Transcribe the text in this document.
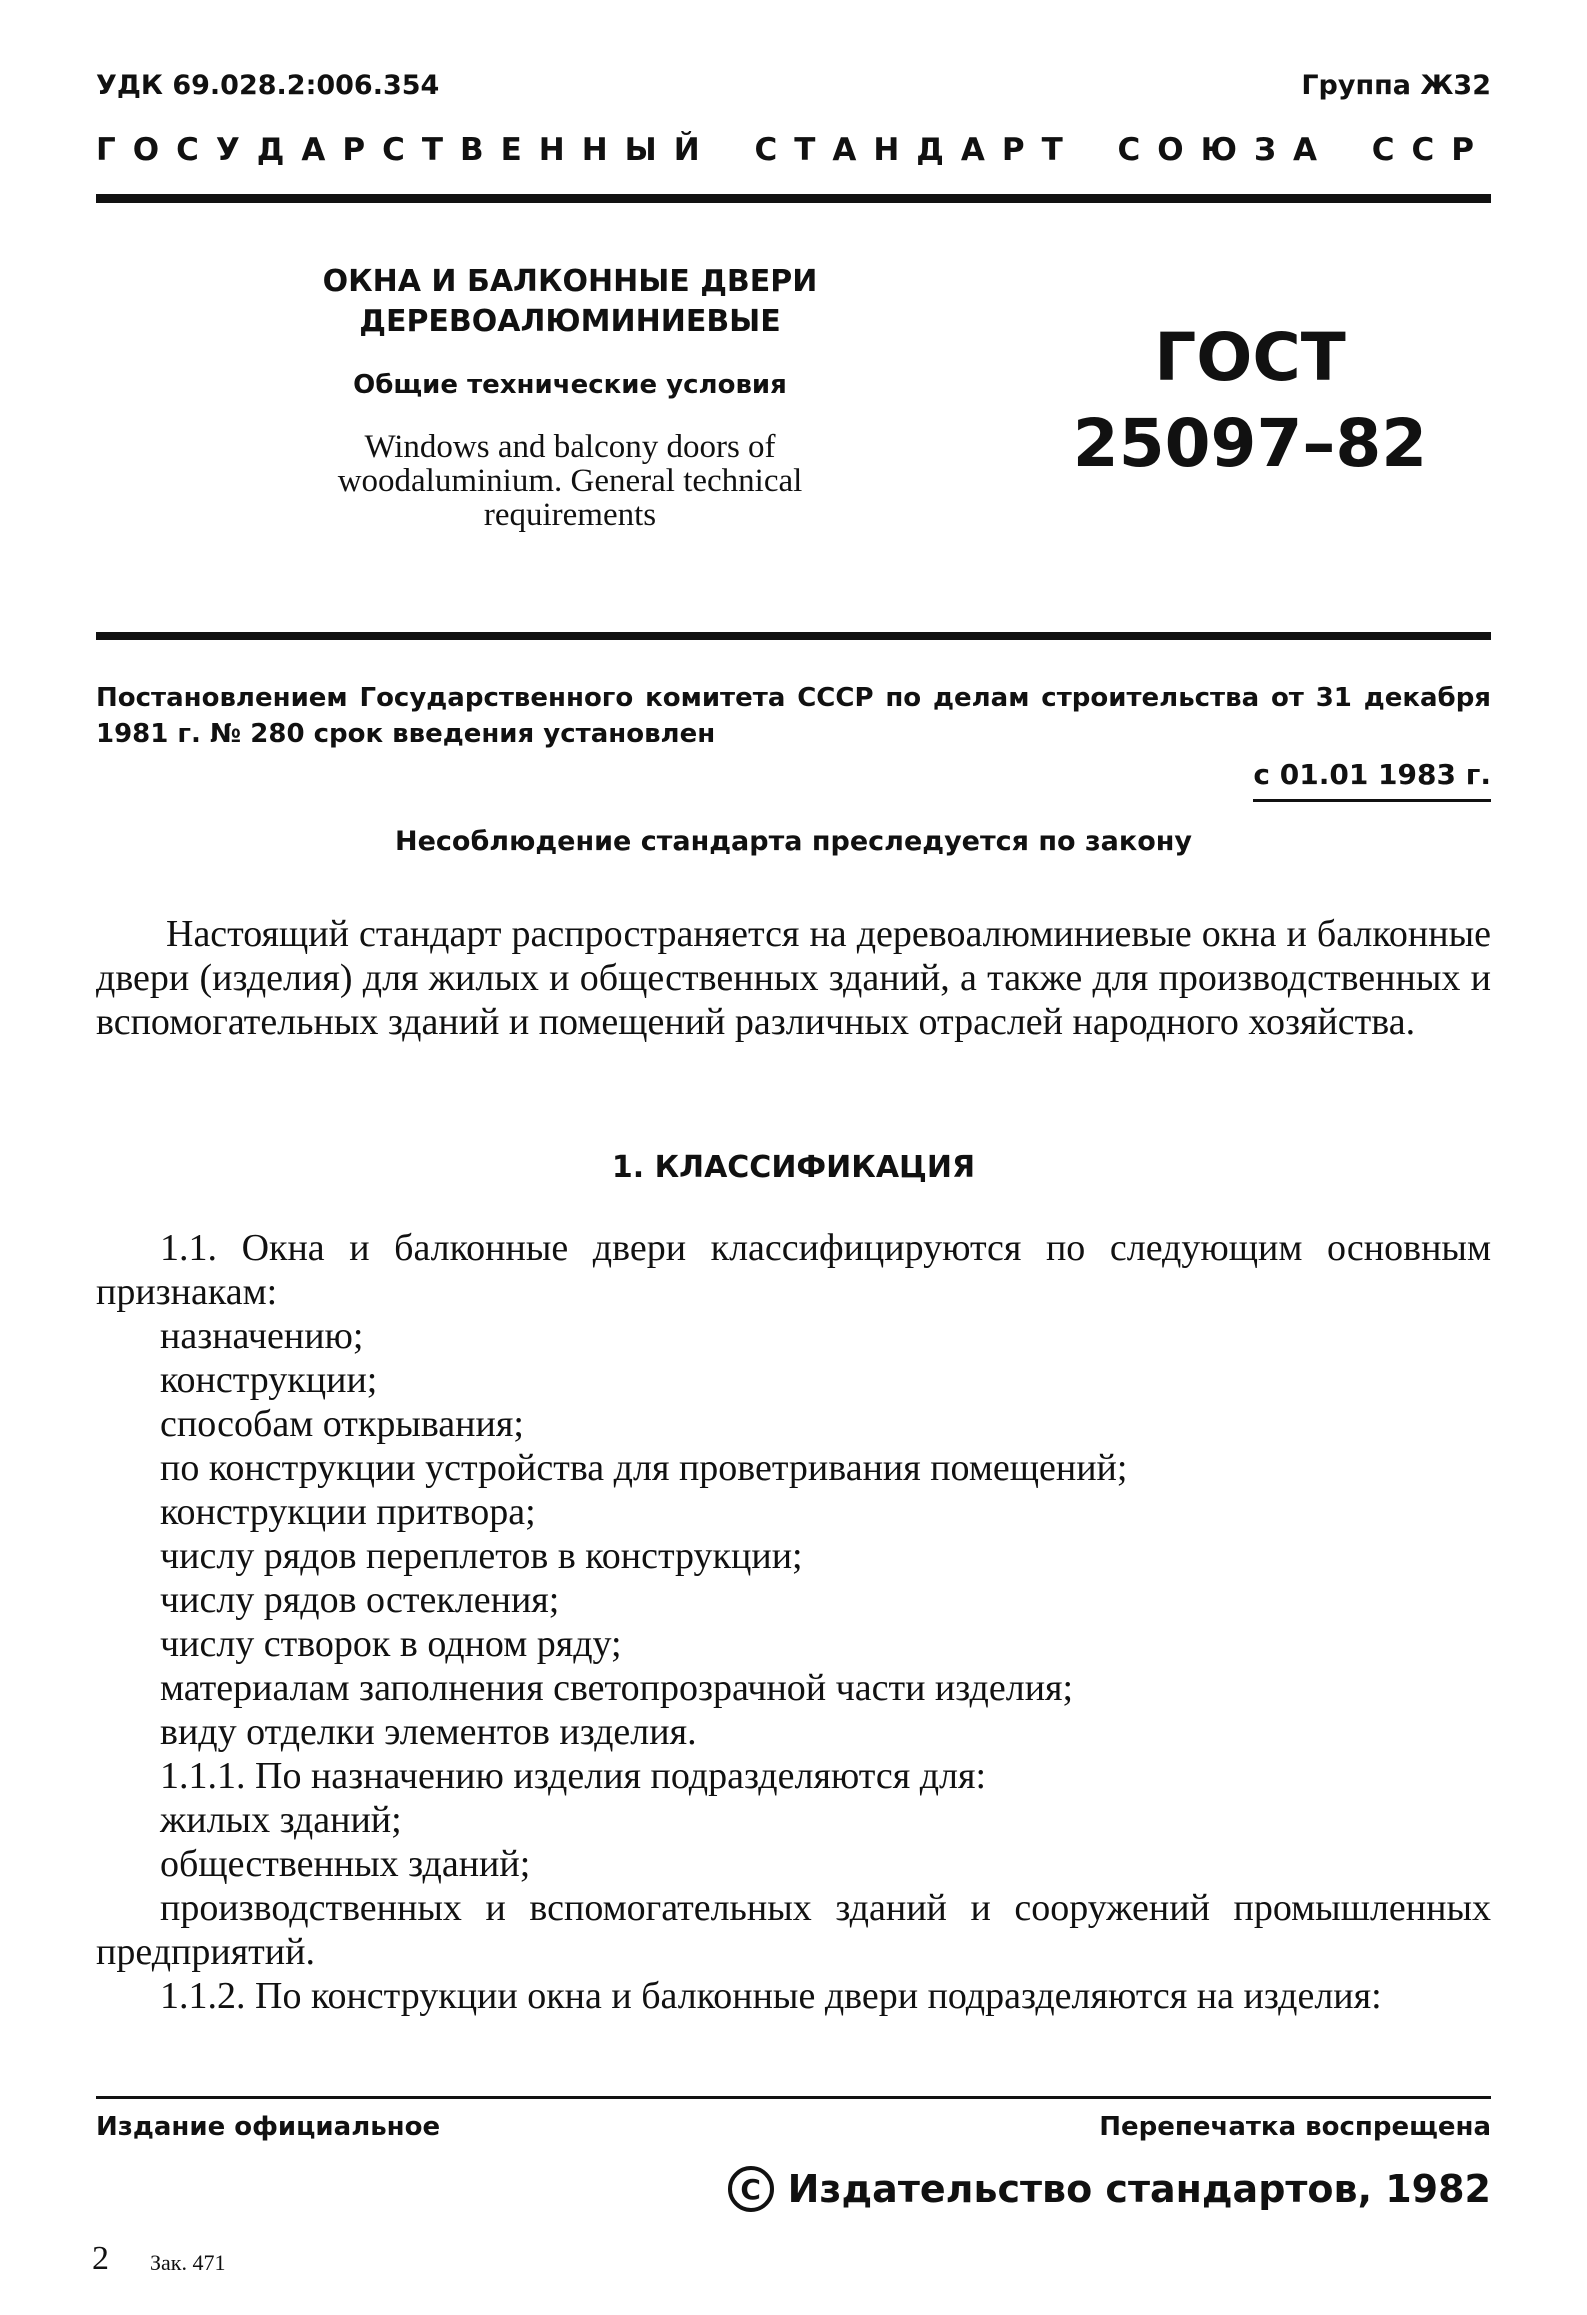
УДК 69.028.2:006.354	Группа Ж32
ГОСУДАРСТВЕННЫЙ СТАНДАРТ СОЮЗА ССР
ОКНА И БАЛКОННЫЕ ДВЕРИ
ДЕРЕВОАЛЮМИНИЕВЫЕ
Общие технические условия
Windows and balcony doors of
woodaluminium. General technical
requirements
ГОСТ
25097–82
Постановлением Государственного комитета СССР по делам строительства от 31 декабря 1981 г. № 280 срок введения установлен
с 01.01 1983 г.
Несоблюдение стандарта преследуется по закону
Настоящий стандарт распространяется на деревоалюминиевые окна и балконные двери (изделия) для жилых и общественных зданий, а также для производственных и вспомогательных зданий и помещений различных отраслей народного хозяйства.
1. КЛАССИФИКАЦИЯ

1.1. Окна и балконные двери классифицируются по следующим основным признакам:

назначению;

конструкции;

способам открывания;

по конструкции устройства для проветривания помещений;

конструкции притвора;

числу рядов переплетов в конструкции;

числу рядов остекления;

числу створок в одном ряду;

материалам заполнения светопрозрачной части изделия;

виду отделки элементов изделия.

1.1.1. По назначению изделия подразделяются для:

жилых зданий;

общественных зданий;

производственных и вспомогательных зданий и сооружений промышленных предприятий.

1.1.2. По конструкции окна и балконные двери подразделяются на изделия:

Издание официальное	Перепечатка воспрещена
C Издательство стандартов, 1982
2 Зак. 471
